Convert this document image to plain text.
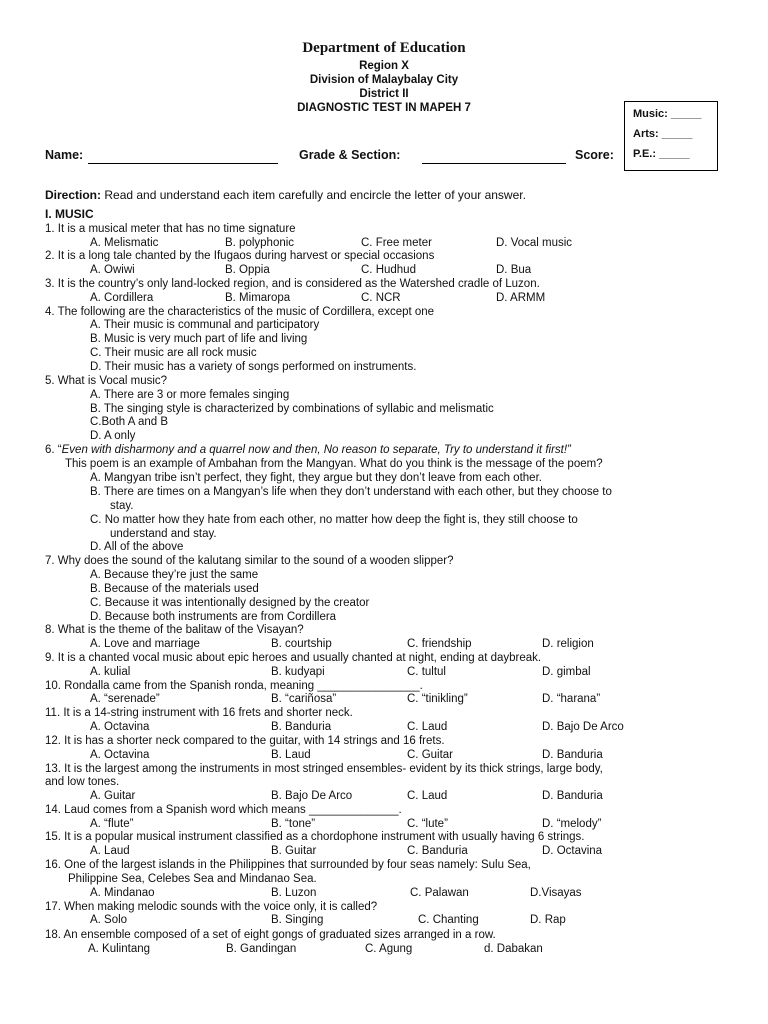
Department of Education
Region X
Division of Malaybalay City
District II
DIAGNOSTIC TEST IN MAPEH 7	Music: _____
Arts: _____
P.E.: _____
Name:	Grade & Section:	Score:
Direction: Read and understand each item carefully and encircle the letter of your answer.
I. MUSIC
1. It is a musical meter that has no time signature
A. Melismatic	B. polyphonic	C. Free meter	D. Vocal music
2. It is a long tale chanted by the Ifugaos during harvest or special occasions
A. Owiwi	B. Oppia	C. Hudhud	D. Bua
3. It is the country’s only land-locked region, and is considered as the Watershed cradle of Luzon.
A. Cordillera	B. Mimaropa	C. NCR	D. ARMM
4. The following are the characteristics of the music of Cordillera, except one
A. Their music is communal and participatory
B. Music is very much part of life and living
C. Their music are all rock music
D. Their music has a variety of songs performed on instruments.
5. What is Vocal music?
A. There are 3 or more females singing
B. The singing style is characterized by combinations of syllabic and melismatic
C.Both A and B
D. A only
6. “Even with disharmony and a quarrel now and then, No reason to separate, Try to understand it first!”
This poem is an example of Ambahan from the Mangyan. What do you think is the message of the poem?
A. Mangyan tribe isn’t perfect, they fight, they argue but they don’t leave from each other.
B. There are times on a Mangyan’s life when they don’t understand with each other, but they choose to
stay.
C. No matter how they hate from each other, no matter how deep the fight is, they still choose to
understand and stay.
D. All of the above
7. Why does the sound of the kalutang similar to the sound of a wooden slipper?
A. Because they’re just the same
B. Because of the materials used
C. Because it was intentionally designed by the creator
D. Because both instruments are from Cordillera
8. What is the theme of the balitaw of the Visayan?
A. Love and marriage	B. courtship	C. friendship	D. religion
9. It is a chanted vocal music about epic heroes and usually chanted at night, ending at daybreak.
A. kulial	B. kudyapi	C. tultul	D. gimbal
10. Rondalla came from the Spanish ronda, meaning ________________.
A. “serenade”	B. “cariñosa”	C. “tinikling”	D. “harana”
11. It is a 14-string instrument with 16 frets and shorter neck.
A. Octavina	B. Banduria	C. Laud	D. Bajo De Arco
12. It is has a shorter neck compared to the guitar, with 14 strings and 16 frets.
A. Octavina	B. Laud	C. Guitar	D. Banduria
13. It is the largest among the instruments in most stringed ensembles- evident by its thick strings, large body,
and low tones.
A. Guitar	B. Bajo De Arco	C. Laud	D. Banduria
14. Laud comes from a Spanish word which means ______________.
A. “flute”	B. “tone”	C. “lute”	D. “melody”
15. It is a popular musical instrument classified as a chordophone instrument with usually having 6 strings.
A. Laud	B. Guitar	C. Banduria	D. Octavina
16. One of the largest islands in the Philippines that surrounded by four seas namely: Sulu Sea,
Philippine Sea, Celebes Sea and Mindanao Sea.
A. Mindanao	B. Luzon	C. Palawan	D.Visayas
17. When making melodic sounds with the voice only, it is called?
A. Solo	B. Singing	C. Chanting	D. Rap
18. An ensemble composed of a set of eight gongs of graduated sizes arranged in a row.
A. Kulintang	B. Gandingan	C. Agung	d. Dabakan
